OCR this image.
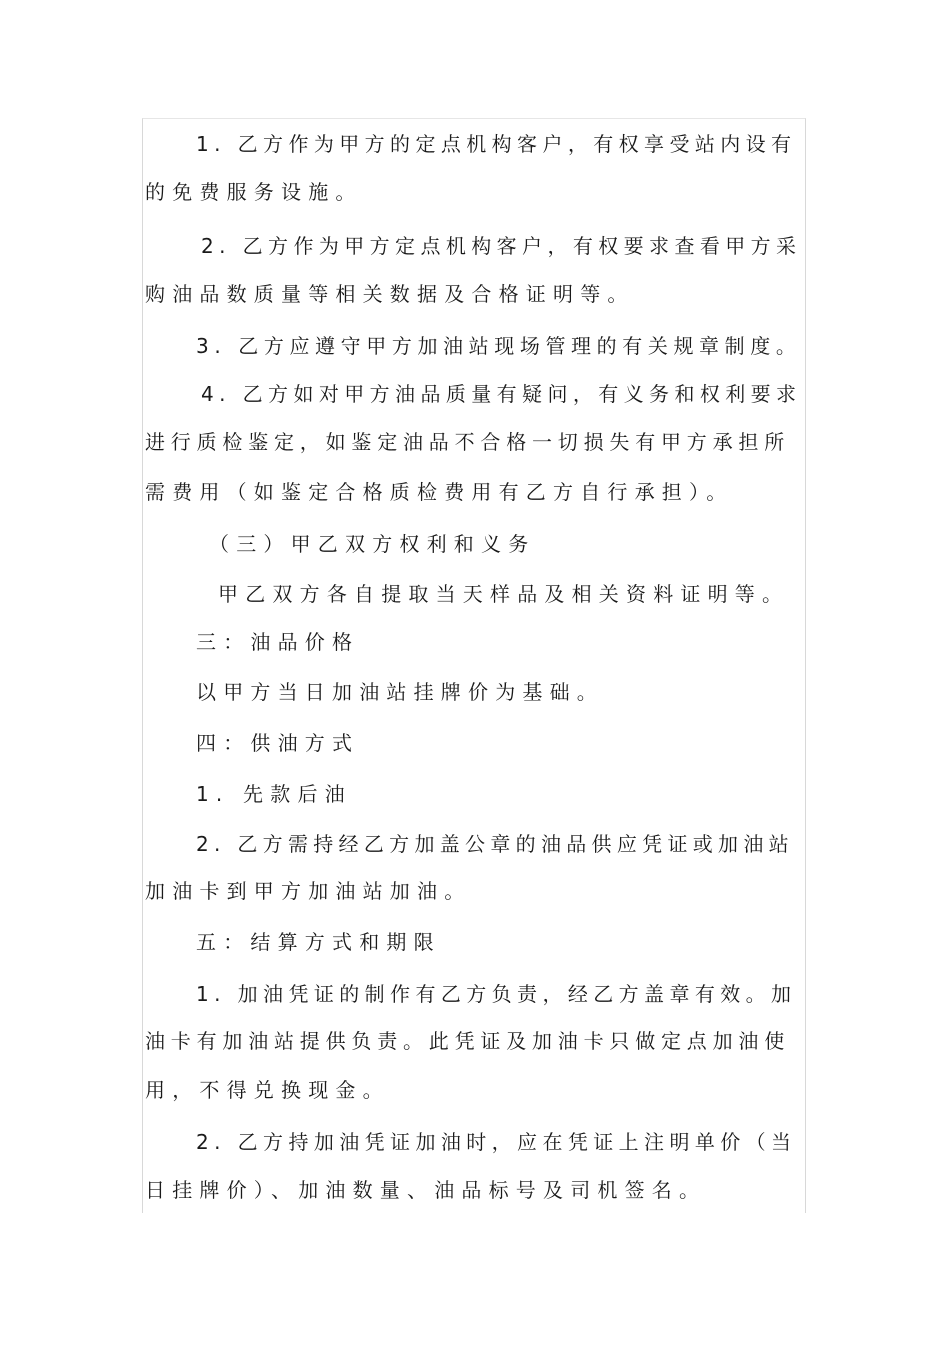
1. 乙方作为甲方的定点机构客户，有权享受站内设有
的免费服务设施。
2. 乙方作为甲方定点机构客户，有权要求查看甲方采
购油品数质量等相关数据及合格证明等。
3. 乙方应遵守甲方加油站现场管理的有关规章制度。
4. 乙方如对甲方油品质量有疑问，有义务和权利要求
进行质检鉴定，如鉴定油品不合格一切损失有甲方承担所
需费用（如鉴定合格质检费用有乙方自行承担）。
（三）甲乙双方权利和义务
甲乙双方各自提取当天样品及相关资料证明等。
三：油品价格
以甲方当日加油站挂牌价为基础。
四：供油方式
1. 先款后油
2. 乙方需持经乙方加盖公章的油品供应凭证或加油站
加油卡到甲方加油站加油。
五：结算方式和期限
1. 加油凭证的制作有乙方负责，经乙方盖章有效。加
油卡有加油站提供负责。此凭证及加油卡只做定点加油使
用，不得兑换现金。
2. 乙方持加油凭证加油时，应在凭证上注明单价（当
日挂牌价）、加油数量、油品标号及司机签名。
